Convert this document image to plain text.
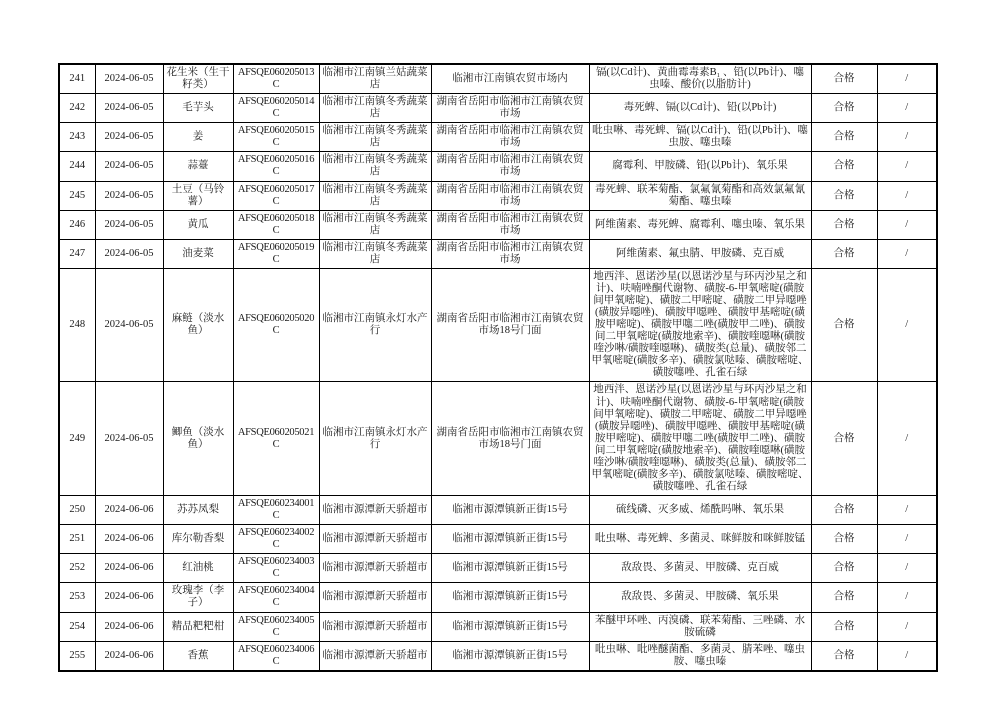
241	2024-06-05	花生米（生干籽类）	AFSQE060205013C	临湘市江南镇兰姑蔬菜店	临湘市江南镇农贸市场内	镉(以Cd计)、黄曲霉毒素B₁ 、铅(以Pb计)、噻虫嗪、酸价(以脂肪计)	合格	/
242	2024-06-05	毛芋头	AFSQE060205014C	临湘市江南镇冬秀蔬菜店	湖南省岳阳市临湘市江南镇农贸市场	毒死蜱、镉(以Cd计)、铅(以Pb计)	合格	/
243	2024-06-05	姜	AFSQE060205015C	临湘市江南镇冬秀蔬菜店	湖南省岳阳市临湘市江南镇农贸市场	吡虫啉、毒死蜱、镉(以Cd计)、铅(以Pb计)、噻虫胺、噻虫嗪	合格	/
244	2024-06-05	蒜薹	AFSQE060205016C	临湘市江南镇冬秀蔬菜店	湖南省岳阳市临湘市江南镇农贸市场	腐霉利、甲胺磷、铅(以Pb计)、氧乐果	合格	/
245	2024-06-05	土豆（马铃薯）	AFSQE060205017C	临湘市江南镇冬秀蔬菜店	湖南省岳阳市临湘市江南镇农贸市场	毒死蜱、联苯菊酯、氯氟氰菊酯和高效氯氟氰菊酯、噻虫嗪	合格	/
246	2024-06-05	黄瓜	AFSQE060205018C	临湘市江南镇冬秀蔬菜店	湖南省岳阳市临湘市江南镇农贸市场	阿维菌素、毒死蜱、腐霉利、噻虫嗪、氧乐果	合格	/
247	2024-06-05	油麦菜	AFSQE060205019C	临湘市江南镇冬秀蔬菜店	湖南省岳阳市临湘市江南镇农贸市场	阿维菌素、氟虫腈、甲胺磷、克百威	合格	/
248	2024-06-05	麻鲢（淡水鱼）	AFSQE060205020C	临湘市江南镇永灯水产行	湖南省岳阳市临湘市江南镇农贸市场18号门面	地西泮、恩诺沙星(以恩诺沙星与环丙沙星之和计)、呋喃唑酮代谢物、磺胺-6-甲氧嘧啶(磺胺间甲氧嘧啶)、磺胺二甲嘧啶、磺胺二甲异噁唑(磺胺异噁唑)、磺胺甲噁唑、磺胺甲基嘧啶(磺胺甲嘧啶)、磺胺甲噻二唑(磺胺甲二唑)、磺胺间二甲氧嘧啶(磺胺地索辛)、磺胺喹噁啉(磺胺喹沙啉/磺胺喹噁啉)、磺胺类(总量)、磺胺邻二甲氧嘧啶(磺胺多辛)、磺胺氯哒嗪、磺胺嘧啶、磺胺噻唑、孔雀石绿	合格	/
249	2024-06-05	鲫鱼（淡水鱼）	AFSQE060205021C	临湘市江南镇永灯水产行	湖南省岳阳市临湘市江南镇农贸市场18号门面	地西泮、恩诺沙星(以恩诺沙星与环丙沙星之和计)、呋喃唑酮代谢物、磺胺-6-甲氧嘧啶(磺胺间甲氧嘧啶)、磺胺二甲嘧啶、磺胺二甲异噁唑(磺胺异噁唑)、磺胺甲噁唑、磺胺甲基嘧啶(磺胺甲嘧啶)、磺胺甲噻二唑(磺胺甲二唑)、磺胺间二甲氧嘧啶(磺胺地索辛)、磺胺喹噁啉(磺胺喹沙啉/磺胺喹噁啉)、磺胺类(总量)、磺胺邻二甲氧嘧啶(磺胺多辛)、磺胺氯哒嗪、磺胺嘧啶、磺胺噻唑、孔雀石绿	合格	/
250	2024-06-06	苏苏凤梨	AFSQE060234001C	临湘市源潭新天骄超市	临湘市源潭镇新正街15号	硫线磷、灭多威、烯酰吗啉、氧乐果	合格	/
251	2024-06-06	库尔勒香梨	AFSQE060234002C	临湘市源潭新天骄超市	临湘市源潭镇新正街15号	吡虫啉、毒死蜱、多菌灵、咪鲜胺和咪鲜胺锰	合格	/
252	2024-06-06	红油桃	AFSQE060234003C	临湘市源潭新天骄超市	临湘市源潭镇新正街15号	敌敌畏、多菌灵、甲胺磷、克百威	合格	/
253	2024-06-06	玫瑰李（李子）	AFSQE060234004C	临湘市源潭新天骄超市	临湘市源潭镇新正街15号	敌敌畏、多菌灵、甲胺磷、氧乐果	合格	/
254	2024-06-06	精品粑粑柑	AFSQE060234005C	临湘市源潭新天骄超市	临湘市源潭镇新正街15号	苯醚甲环唑、丙溴磷、联苯菊酯、三唑磷、水胺硫磷	合格	/
255	2024-06-06	香蕉	AFSQE060234006C	临湘市源潭新天骄超市	临湘市源潭镇新正街15号	吡虫啉、吡唑醚菌酯、多菌灵、腈苯唑、噻虫胺、噻虫嗪	合格	/
